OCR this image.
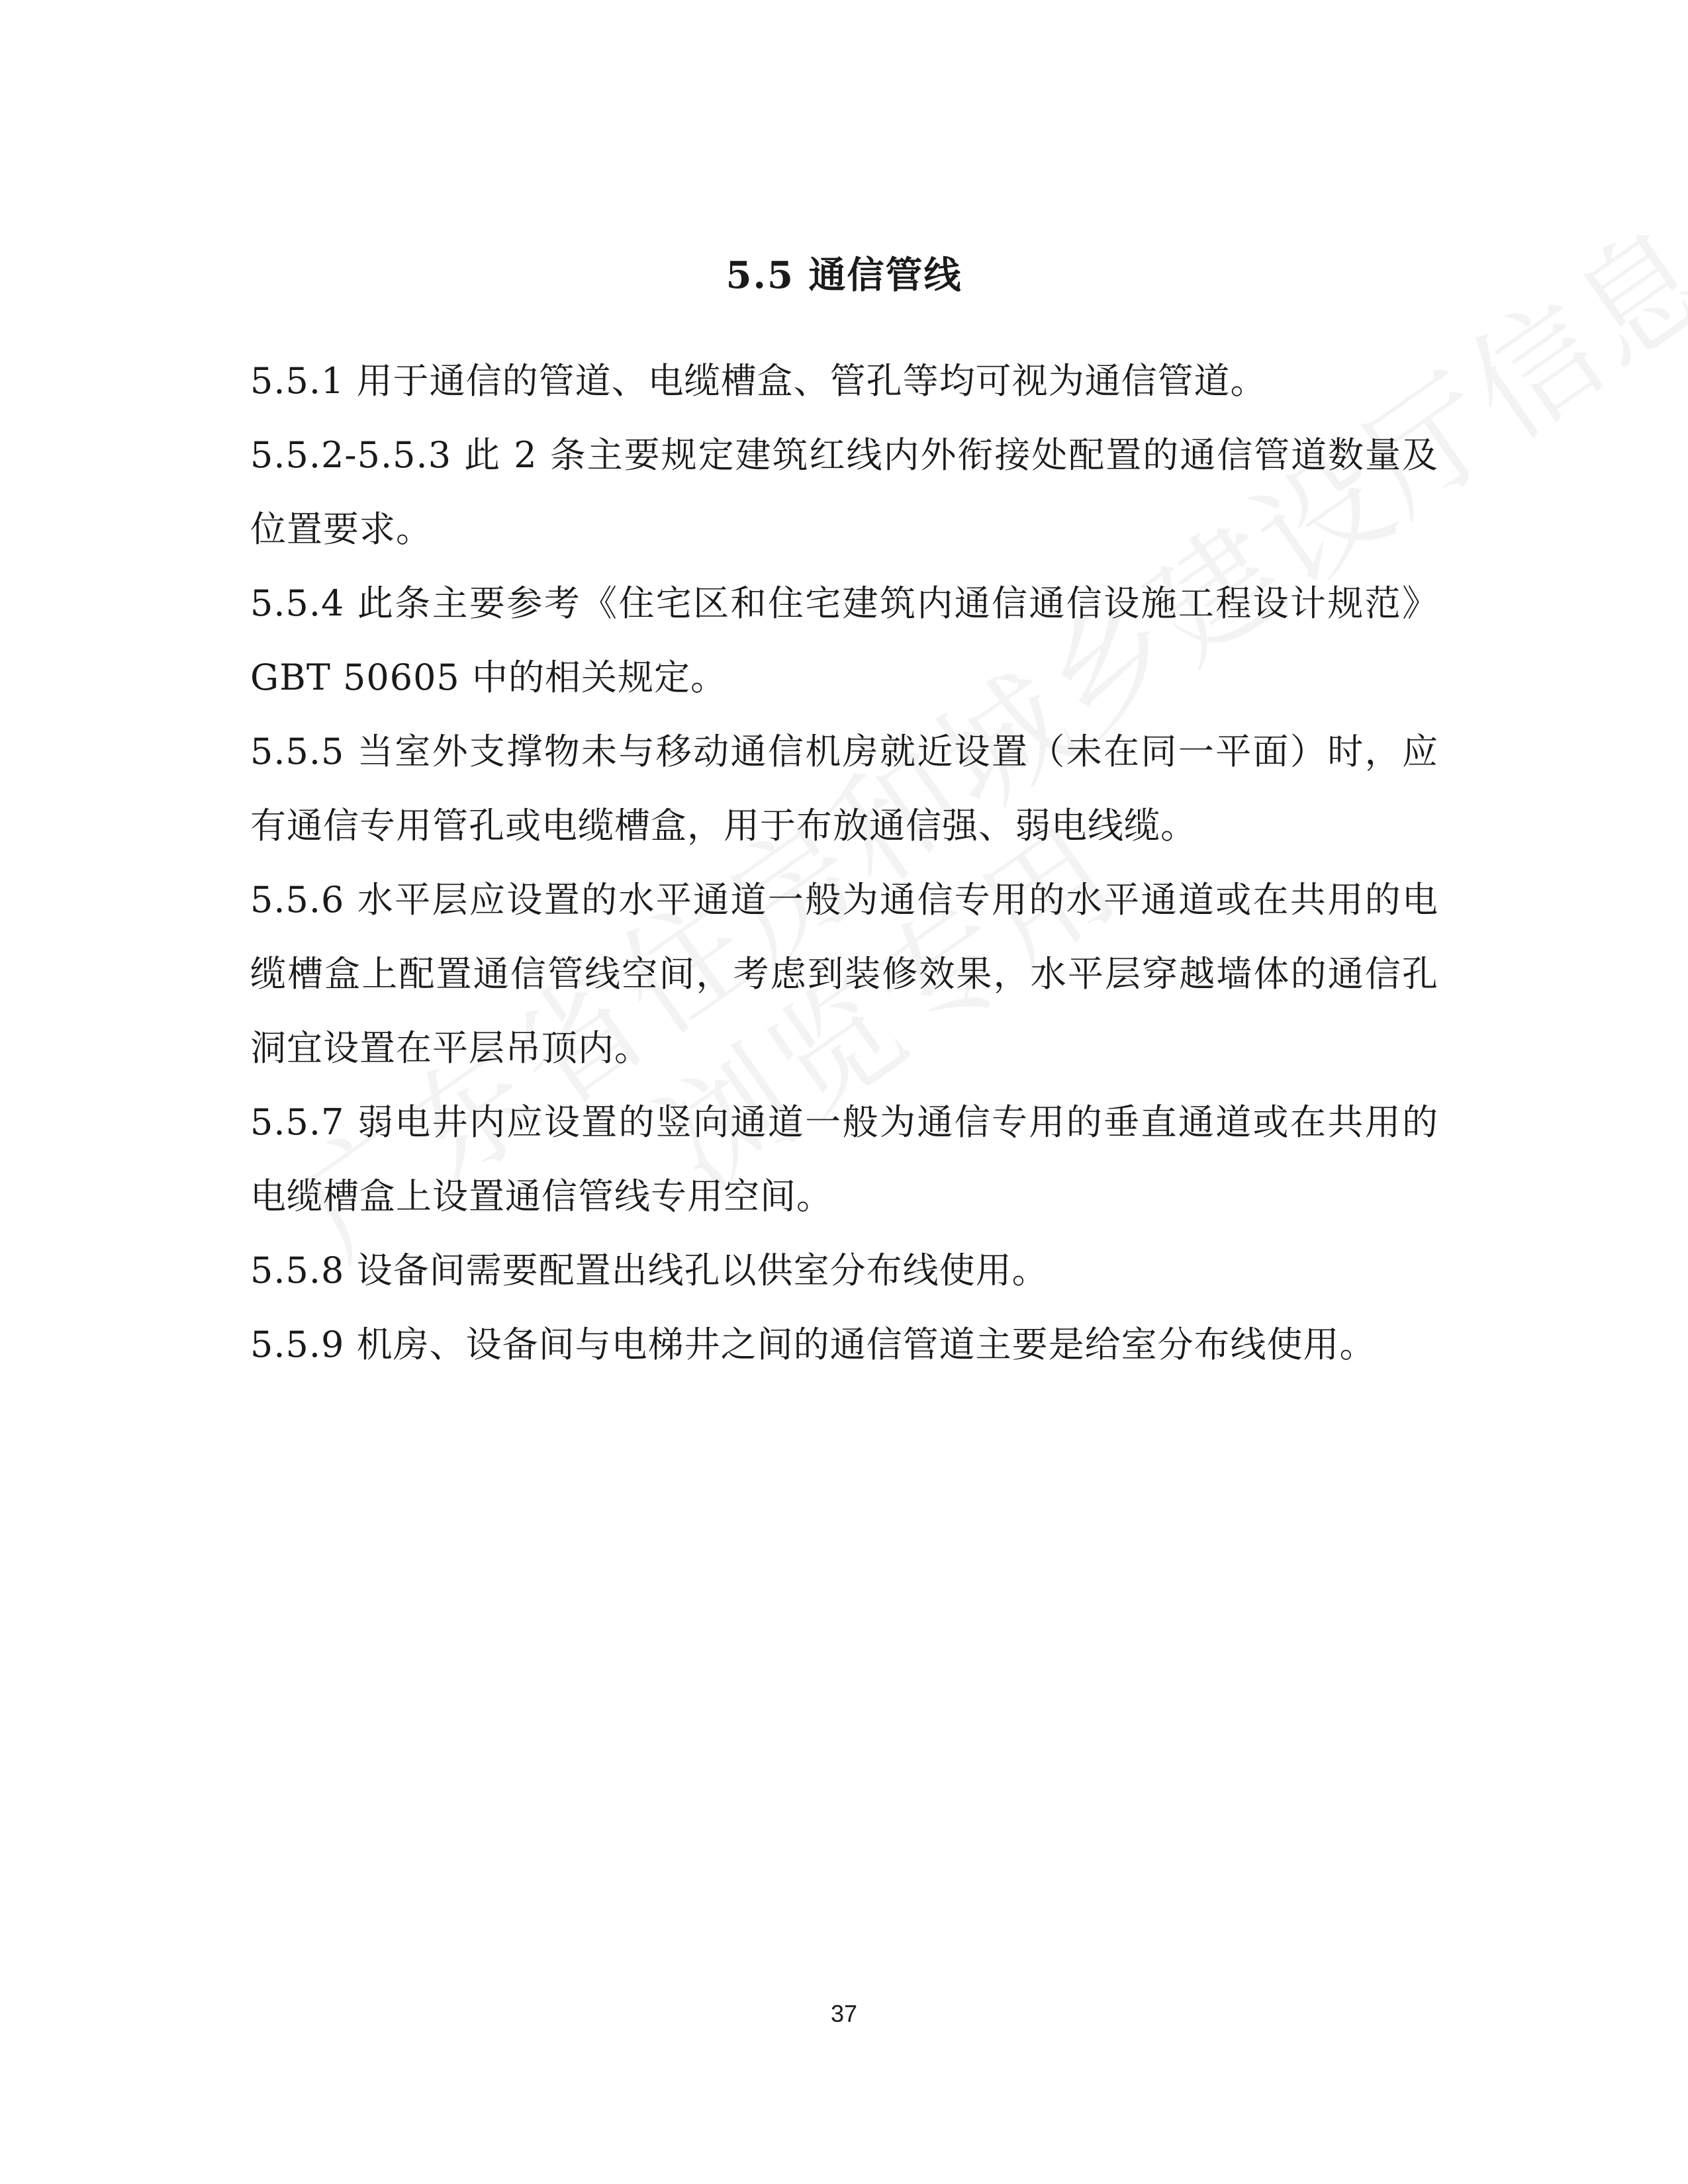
5.5 通信管线

5.5.1 用于通信的管道、电缆槽盒、管孔等均可视为通信管道。

5.5.2-5.5.3 此 2 条主要规定建筑红线内外衔接处配置的通信管道数量及位置要求。

5.5.4 此条主要参考《住宅区和住宅建筑内通信通信设施工程设计规范》GBT 50605 中的相关规定。

5.5.5 当室外支撑物未与移动通信机房就近设置（未在同一平面）时，应有通信专用管孔或电缆槽盒，用于布放通信强、弱电线缆。

5.5.6 水平层应设置的水平通道一般为通信专用的水平通道或在共用的电缆槽盒上配置通信管线空间，考虑到装修效果，水平层穿越墙体的通信孔洞宜设置在平层吊顶内。

5.5.7 弱电井内应设置的竖向通道一般为通信专用的垂直通道或在共用的电缆槽盒上设置通信管线专用空间。

5.5.8 设备间需要配置出线孔以供室分布线使用。

5.5.9 机房、设备间与电梯井之间的通信管道主要是给室分布线使用。

37
